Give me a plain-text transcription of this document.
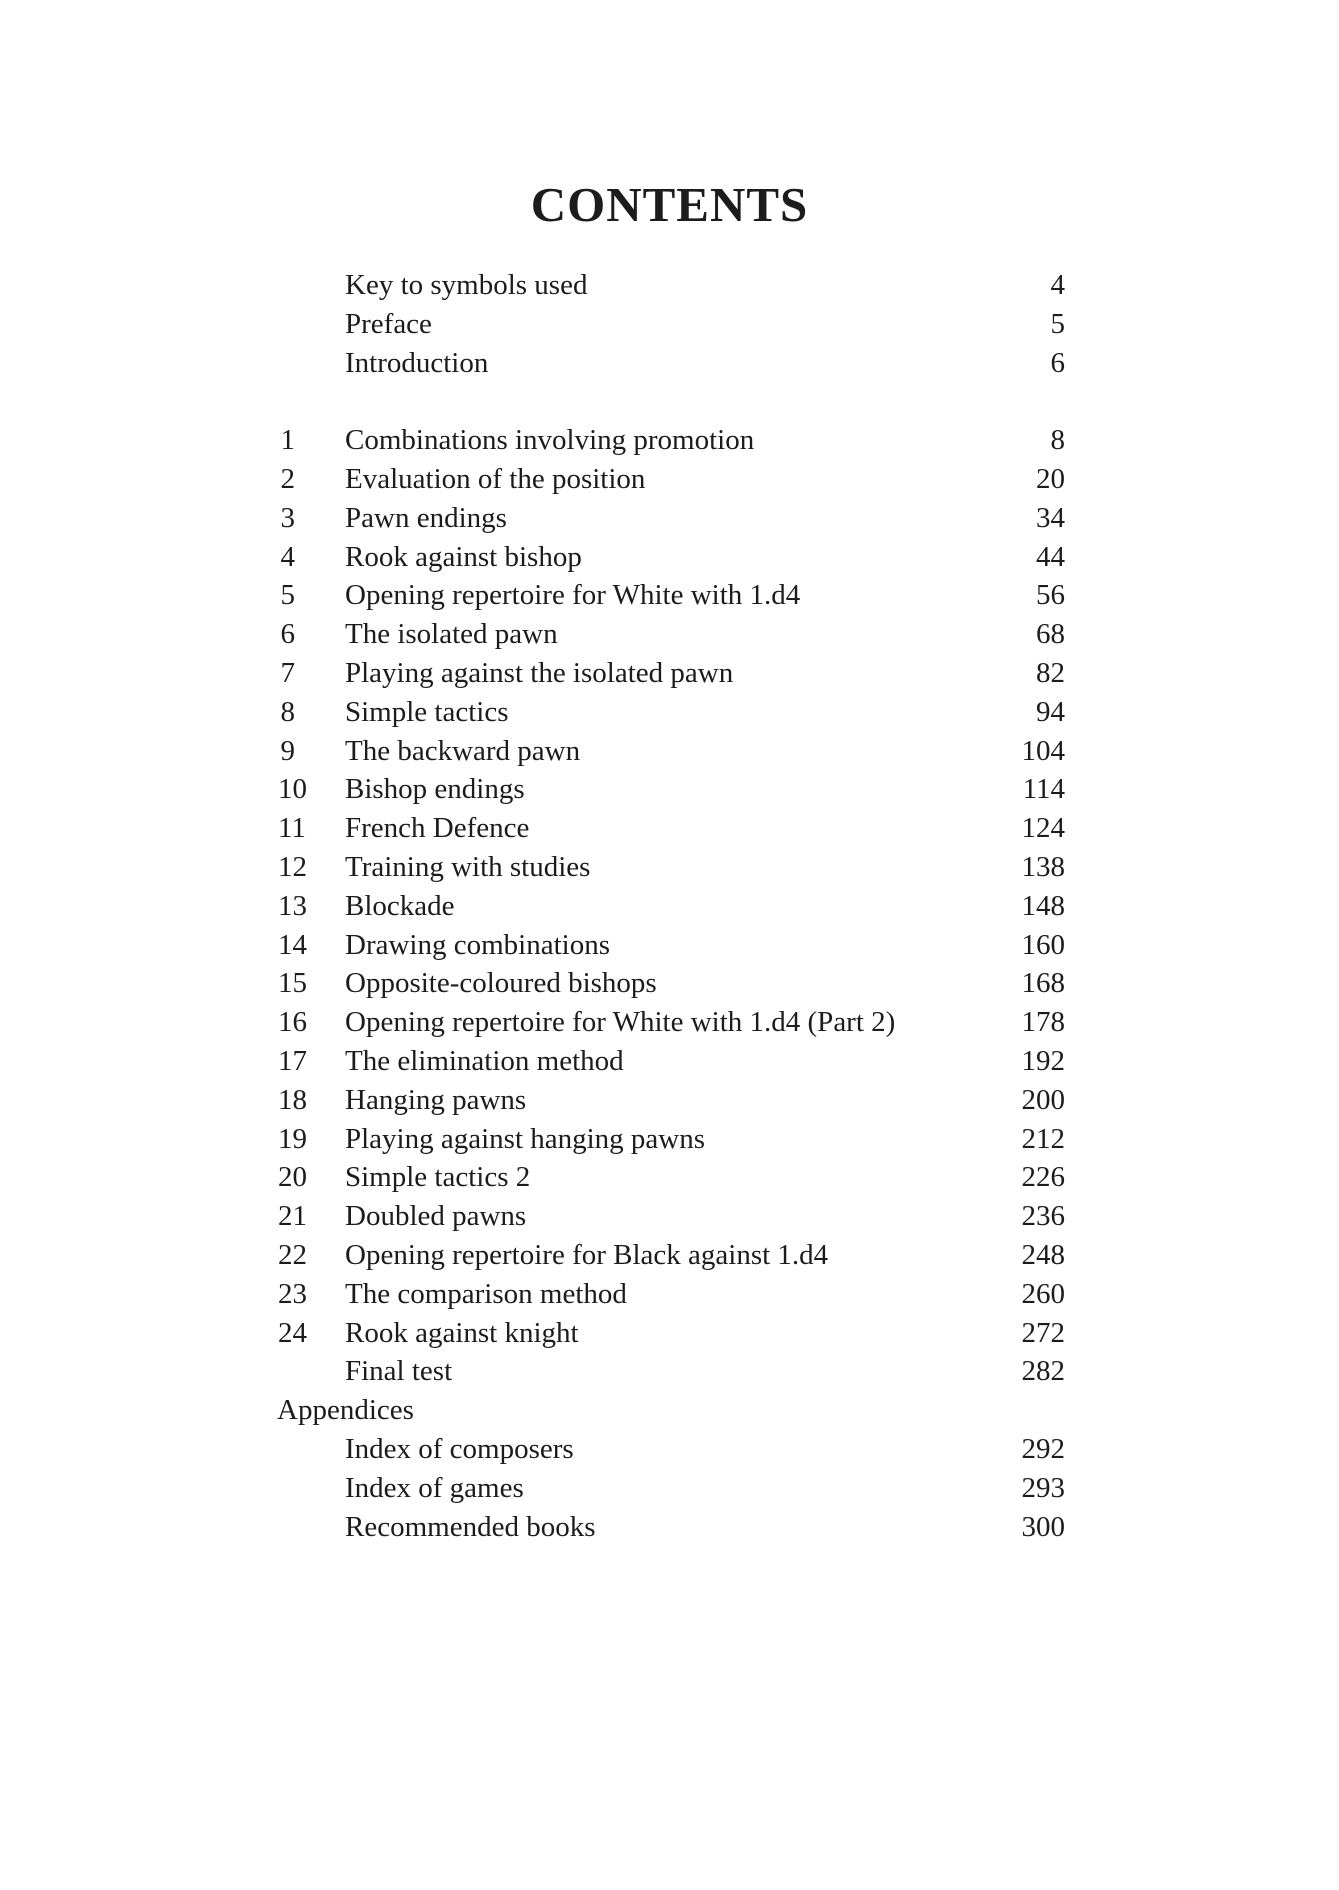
CONTENTS
Key to symbols used	4
Preface	5
Introduction	6
1	Combinations involving promotion	8
2	Evaluation of the position	20
3	Pawn endings	34
4	Rook against bishop	44
5	Opening repertoire for White with 1.d4	56
6	The isolated pawn	68
7	Playing against the isolated pawn	82
8	Simple tactics	94
9	The backward pawn	104
10	Bishop endings	114
11	French Defence	124
12	Training with studies	138
13	Blockade	148
14	Drawing combinations	160
15	Opposite-coloured bishops	168
16	Opening repertoire for White with 1.d4 (Part 2)	178
17	The elimination method	192
18	Hanging pawns	200
19	Playing against hanging pawns	212
20	Simple tactics 2	226
21	Doubled pawns	236
22	Opening repertoire for Black against 1.d4	248
23	The comparison method	260
24	Rook against knight	272
Final test	282
Appendices
Index of composers	292
Index of games	293
Recommended books	300
